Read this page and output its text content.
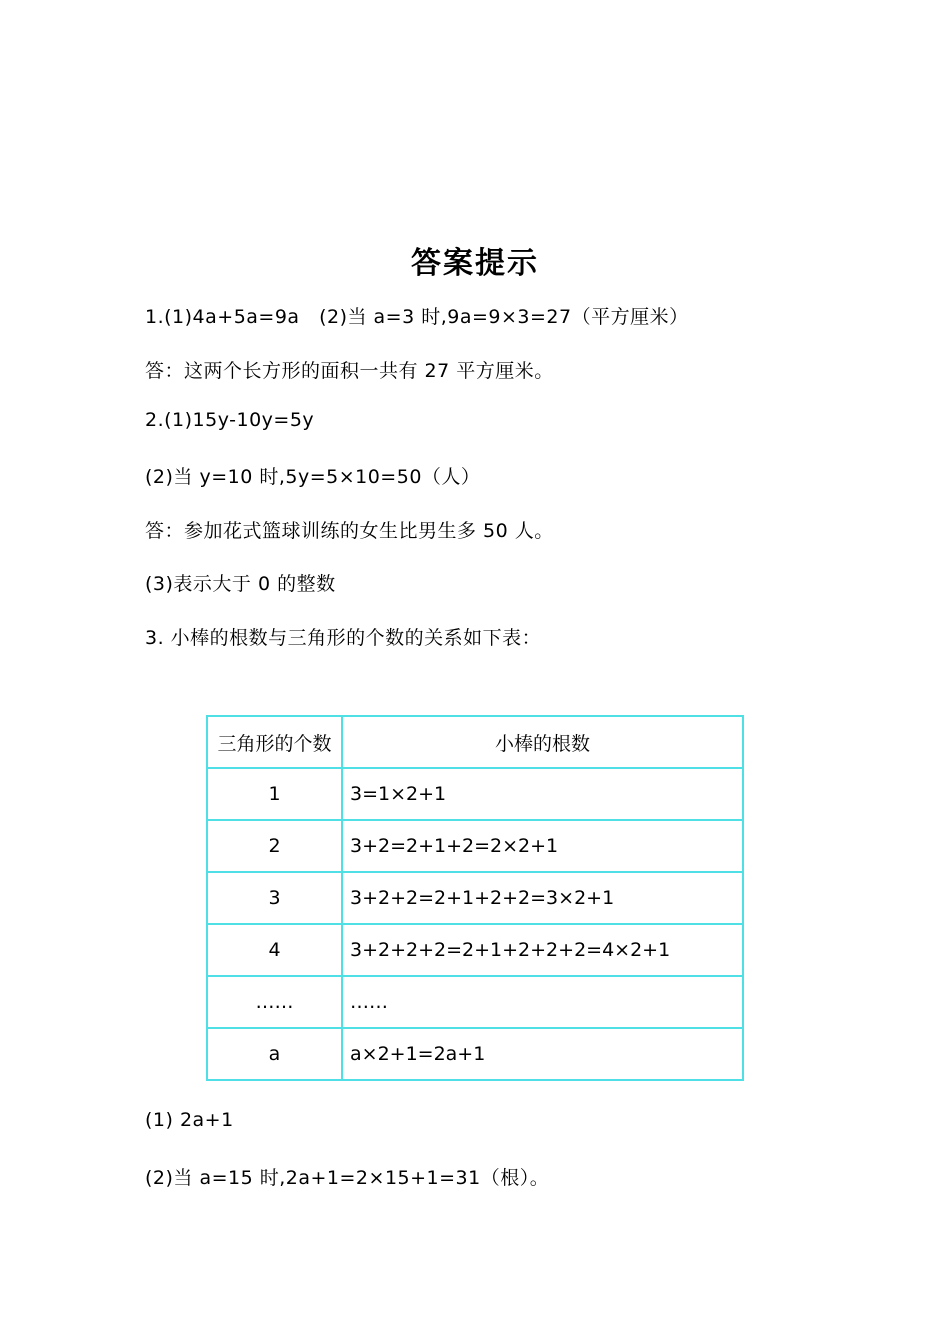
答案提示
1.(1)4a+5a=9a　(2)当 a=3 时,9a=9×3=27（平方厘米）
答：这两个长方形的面积一共有 27 平方厘米。
2.(1)15y-10y=5y
(2)当 y=10 时,5y=5×10=50（人）
答：参加花式篮球训练的女生比男生多 50 人。
(3)表示大于 0 的整数
3. 小棒的根数与三角形的个数的关系如下表：
三角形的个数	小棒的根数
1	3=1×2+1
2	3+2=2+1+2=2×2+1
3	3+2+2=2+1+2+2=3×2+1
4	3+2+2+2=2+1+2+2+2=4×2+1
……	……
a	a×2+1=2a+1
(1) 2a+1
(2)当 a=15 时,2a+1=2×15+1=31（根）。
